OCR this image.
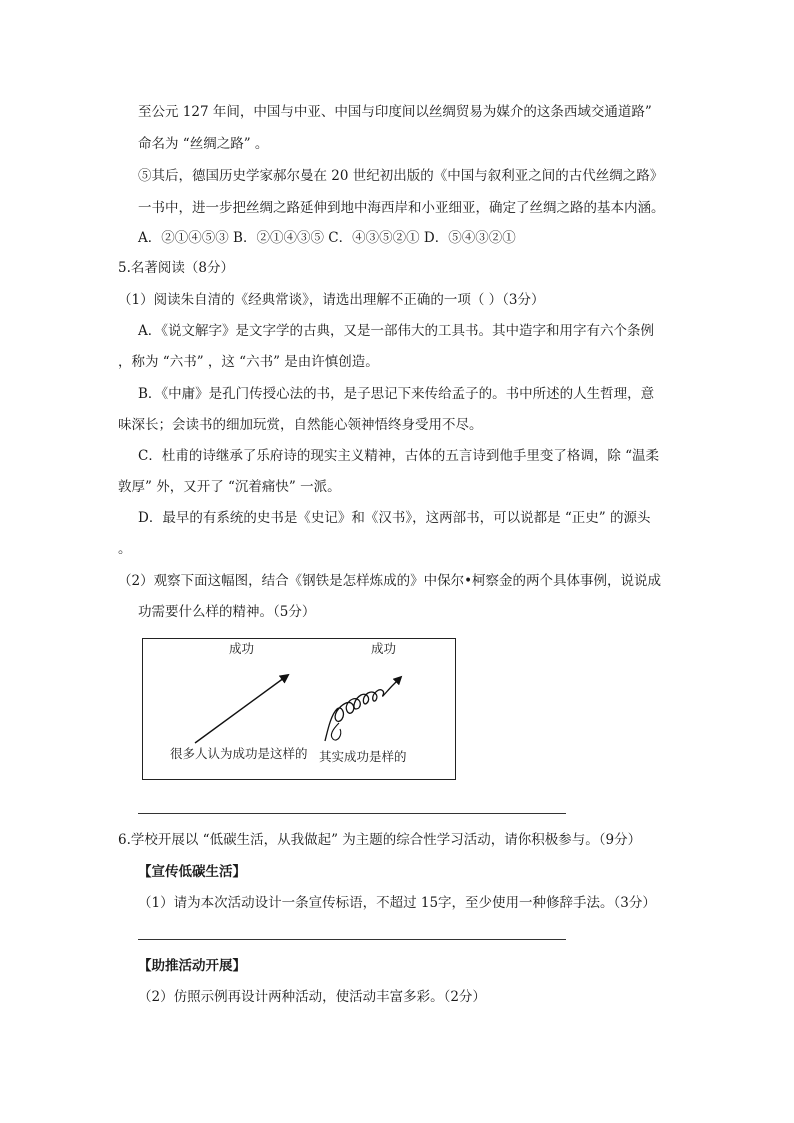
至公元 127 年间，中国与中亚、中国与印度间以丝绸贸易为媒介的这条西域交通道路”
命名为 “丝绸之路” 。
⑤其后，德国历史学家郝尔曼在 20 世纪初出版的《中国与叙利亚之间的古代丝绸之路》
一书中，进一步把丝绸之路延伸到地中海西岸和小亚细亚，确定了丝绸之路的基本内涵。
A．②①④⑤③ B．②①④③⑤ C．④③⑤②① D．⑤④③②①
5.名著阅读（8分）
（1）阅读朱自清的《经典常谈》，请选出理解不正确的一项（ ）（3分）
A．《说文解字》是文字学的古典，又是一部伟大的工具书。其中造字和用字有六个条例
，称为 “六书” ，这 “六书” 是由许慎创造。
B．《中庸》是孔门传授心法的书，是子思记下来传给孟子的。书中所述的人生哲理，意
味深长；会读书的细加玩赏，自然能心领神悟终身受用不尽。
C．杜甫的诗继承了乐府诗的现实主义精神，古体的五言诗到他手里变了格调，除 “温柔
敦厚” 外，又开了 “沉着痛快” 一派。
D．最早的有系统的史书是《史记》和《汉书》，这两部书，可以说都是 “正史” 的源头
。
（2）观察下面这幅图，结合《钢铁是怎样炼成的》中保尔•柯察金的两个具体事例，说说成
功需要什么样的精神。（5分）
成功	成功
很多人认为成功是这样的 其实成功是样的
6.学校开展以 “低碳生活，从我做起” 为主题的综合性学习活动，请你积极参与。（9分）
【宣传低碳生活】
（1）请为本次活动设计一条宣传标语，不超过 15字，至少使用一种修辞手法。（3分）
【助推活动开展】
（2）仿照示例再设计两种活动，使活动丰富多彩。（2分）
